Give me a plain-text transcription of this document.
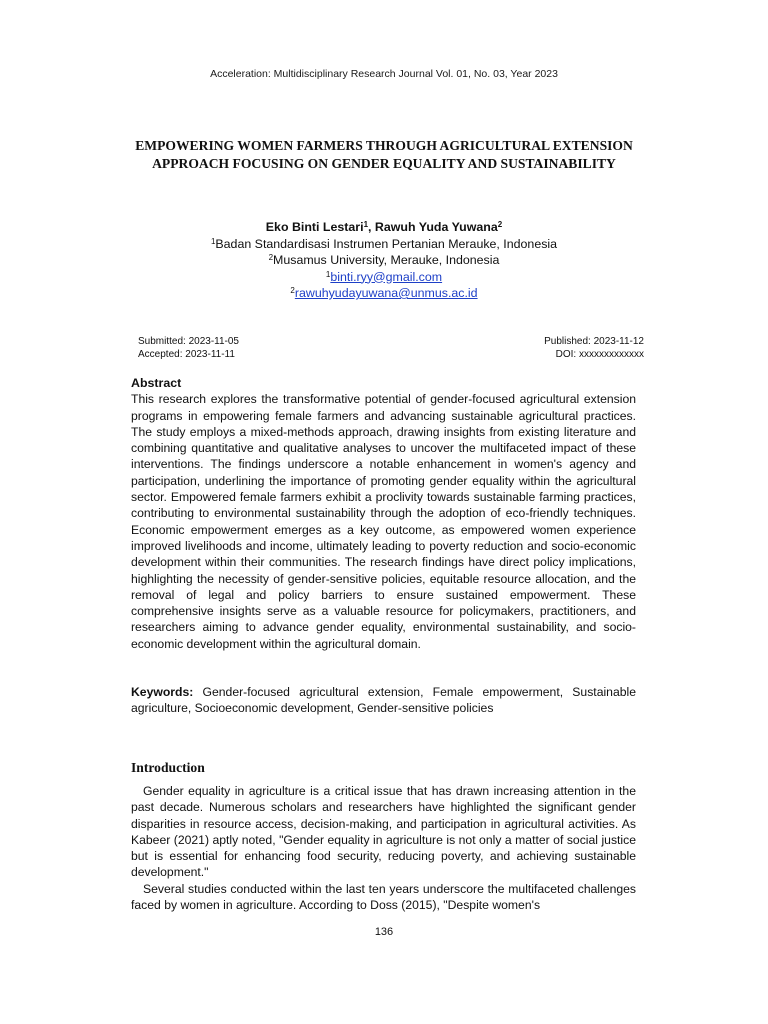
Acceleration: Multidisciplinary Research Journal Vol. 01, No. 03, Year 2023
EMPOWERING WOMEN FARMERS THROUGH AGRICULTURAL EXTENSION APPROACH FOCUSING ON GENDER EQUALITY AND SUSTAINABILITY
Eko Binti Lestari$^1$, Rawuh Yuda Yuwana$^2$
$^1$Badan Standardisasi Instrumen Pertanian Merauke, Indonesia
$^2$Musamus University, Merauke, Indonesia
$^1$binti.ryy@gmail.com
$^2$rawuhyudayuwana@unmus.ac.id
Submitted: 2023-11-05	Published: 2023-11-12
Accepted: 2023-11-11	DOI: xxxxxxxxxxxxx
Abstract

This research explores the transformative potential of gender-focused agricultural extension programs in empowering female farmers and advancing sustainable agricultural practices. The study employs a mixed-methods approach, drawing insights from existing literature and combining quantitative and qualitative analyses to uncover the multifaceted impact of these interventions. The findings underscore a notable enhancement in women's agency and participation, underlining the importance of promoting gender equality within the agricultural sector. Empowered female farmers exhibit a proclivity towards sustainable farming practices, contributing to environmental sustainability through the adoption of eco-friendly techniques. Economic empowerment emerges as a key outcome, as empowered women experience improved livelihoods and income, ultimately leading to poverty reduction and socio-economic development within their communities. The research findings have direct policy implications, highlighting the necessity of gender-sensitive policies, equitable resource allocation, and the removal of legal and policy barriers to ensure sustained empowerment. These comprehensive insights serve as a valuable resource for policymakers, practitioners, and researchers aiming to advance gender equality, environmental sustainability, and socio-economic development within the agricultural domain.

Keywords: Gender-focused agricultural extension, Female empowerment, Sustainable agriculture, Socioeconomic development, Gender-sensitive policies
Introduction

Gender equality in agriculture is a critical issue that has drawn increasing attention in the past decade. Numerous scholars and researchers have highlighted the significant gender disparities in resource access, decision-making, and participation in agricultural activities. As Kabeer (2021) aptly noted, "Gender equality in agriculture is not only a matter of social justice but is essential for enhancing food security, reducing poverty, and achieving sustainable development."

Several studies conducted within the last ten years underscore the multifaceted challenges faced by women in agriculture. According to Doss (2015), "Despite women's

136
